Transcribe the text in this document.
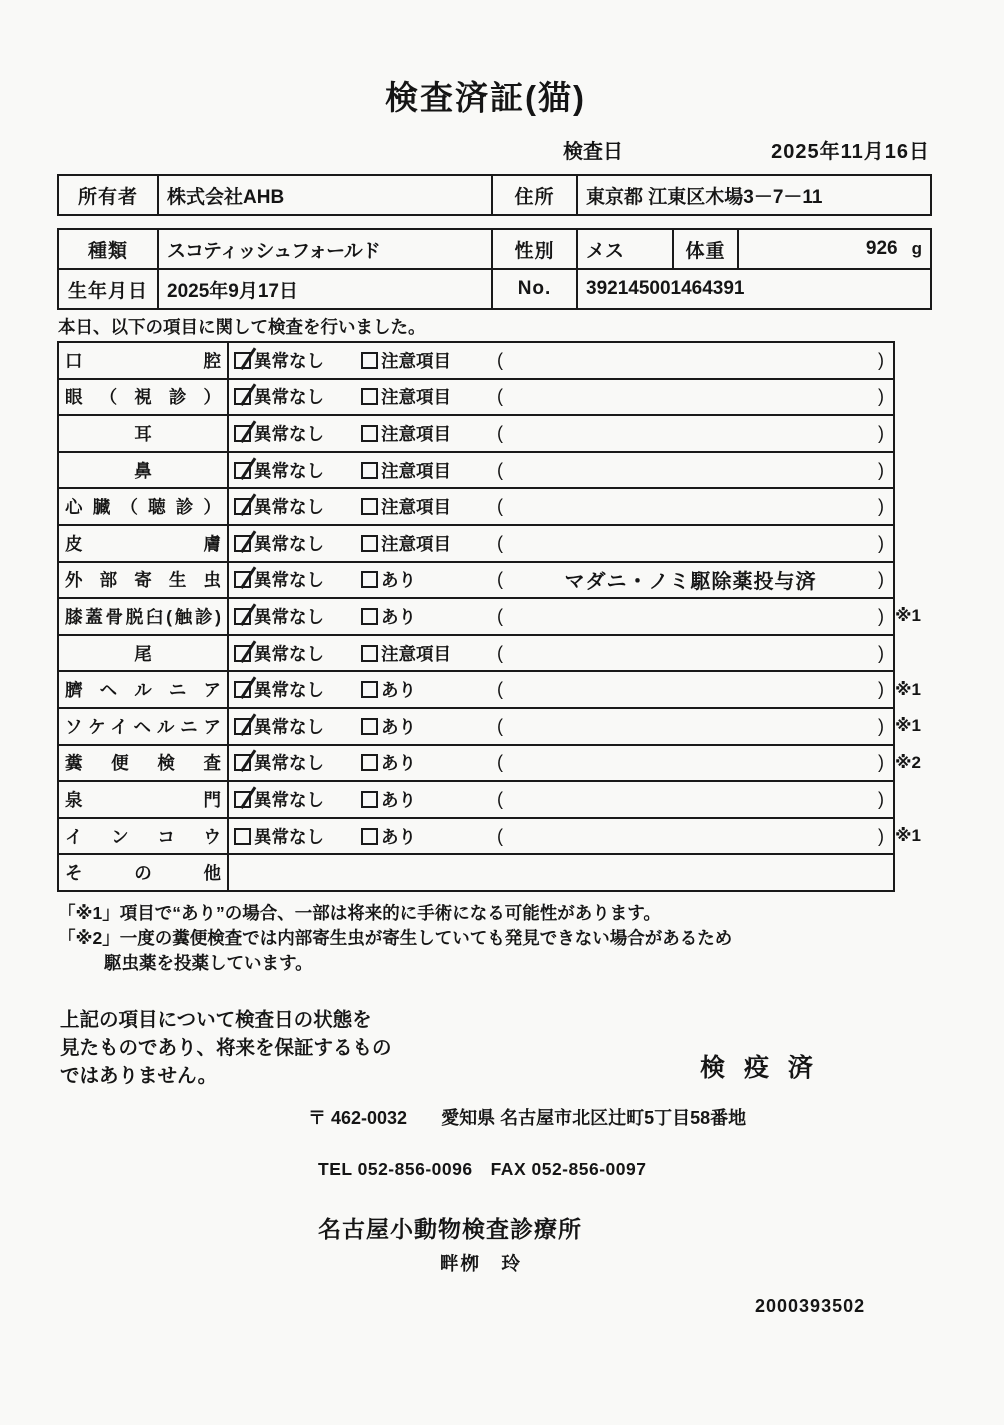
検査済証(猫)
検査日	2025年11月16日
所有者	株式会社AHB	住所	東京都 江東区木場3－7－11
種類	スコティッシュフォールド	性別	メス	体重	926 g
生年月日	2025年9月17日	No.	392145001464391		
本日、以下の項目に関して検査を行いました。
口腔 異常なし	注意項目	(	)
眼（視診） 異常なし	注意項目	(	)
耳	異常なし	注意項目	(	)
鼻	異常なし	注意項目	(	)
心臓（聴診） 異常なし	注意項目	(	)
皮膚 異常なし	注意項目	(	)
外部寄生虫 異常なし	あり	(	マダニ・ノミ駆除薬投与済	)
膝蓋骨脱臼(触診) 異常なし	あり	(	) ※1
尾	異常なし	注意項目	(	)
臍ヘルニア 異常なし	あり	(	) ※1
ソケイヘルニア 異常なし	あり	(	) ※1
糞便検査 異常なし	あり	(	) ※2
泉門 異常なし	あり	(	)
インコウ 異常なし	あり	(	) ※1
その他
「※1」項目で“あり”の場合、一部は将来的に手術になる可能性があります。
「※2」一度の糞便検査では内部寄生虫が寄生していても発見できない場合があるため
駆虫薬を投薬しています。
上記の項目について検査日の状態を
見たものであり、将来を保証するもの
ではありません。	検 疫 済
〒 462-0032 愛知県 名古屋市北区辻町5丁目58番地
TEL 052-856-0096　FAX 052-856-0097
名古屋小動物検査診療所
畔栁　玲
2000393502
